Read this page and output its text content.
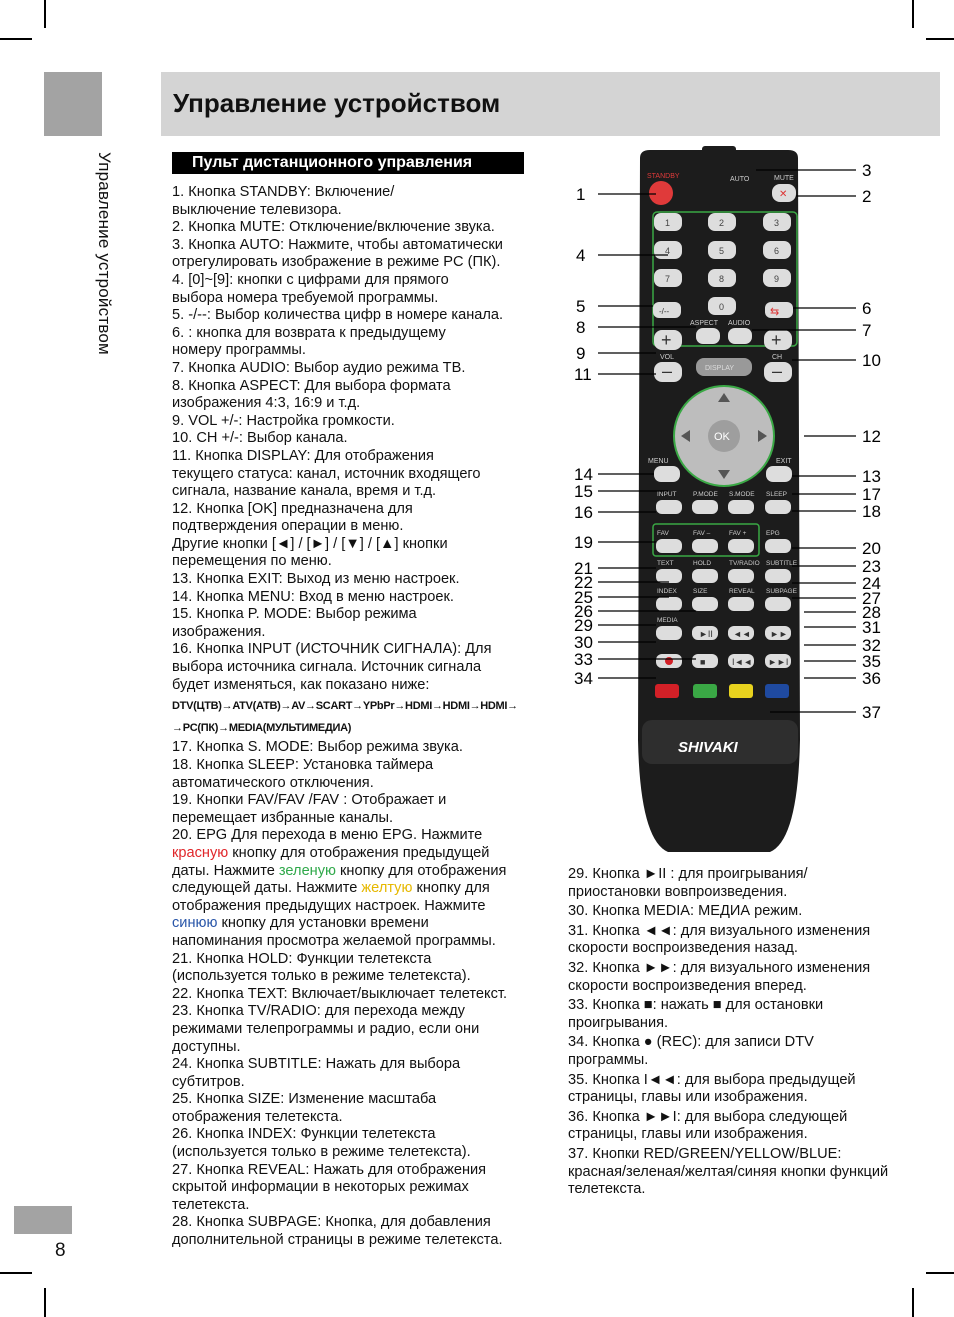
Управление устройством
Управление устройством	Пульт дистанционного управления

1. Кнопка STANDBY: Включение/

выключение телевизора.

2. Кнопка MUTE: Отключение/включение звука.

3. Кнопка AUTO: Нажмите, чтобы автоматически

отрегулировать изображение в режиме PC (ПК).

4. [0]~[9]: кнопки с цифрами для прямого

выбора номера требуемой программы.

5. -/--: Выбор количества цифр в номере канала.

6. : кнопка для возврата к предыдущему

номеру программы.

7. Кнопка AUDIO: Выбор аудио режима ТВ.

8. Кнопка ASPECT: Для выбора формата

изображения 4:3, 16:9 и т.д.

9. VOL +/-: Настройка громкости.

10. CH +/-: Выбор канала.

11. Кнопка DISPLAY: Для отображения

текущего статуса: канал, источник входящего

сигнала, название канала, время и т.д.

12. Кнопка [OK] предназначена для

подтверждения операции в меню.

Другие кнопки [◄] / [►] / [▼] / [▲] кнопки

перемещения по меню.

13. Кнопка EXIT: Выход из меню настроек.

14. Кнопка MENU: Вход в меню настроек.

15. Кнопка P. MODE: Выбор режима

изображения.

16. Кнопка INPUT (ИСТОЧНИК СИГНАЛА): Для

выбора источника сигнала. Источник сигнала

будет изменяться, как показано ниже:

DTV(ЦТВ)→ATV(АТВ)→AV→SCART→YPbPr→HDMI→HDMI→HDMI→

→PC(ПК)→MEDIA(МУЛЬТИМЕДИА)

17. Кнопка S. MODE: Выбор режима звука.

18. Кнопка SLEEP: Установка таймера

автоматического отключения.

19. Кнопки FAV/FAV /FAV : Отображает и

перемещает избранные каналы.

20. EPG Для перехода в меню EPG. Нажмите

красную кнопку для отображения предыдущей

даты. Нажмите зеленую кнопку для отображения

следующей даты. Нажмите желтую кнопку для

отображения предыдущих настроек. Нажмите

синюю кнопку для установки времени

напоминания просмотра желаемой программы.

21. Кнопка HOLD: Функции телетекста

(используется только в режиме телетекста).

22. Кнопка TEXT: Включает/выключает телетекст.

23. Кнопка TV/RADIO: для перехода между

режимами телепрограммы и радио, если они

доступны.

24. Кнопка SUBTITLE: Нажать для выбора

субтитров.

25. Кнопка SIZE: Изменение масштаба

отображения телетекста.

26. Кнопка INDEX: Функции телетекста

(используется только в режиме телетекста).

27. Кнопка REVEAL: Нажать для отображения

скрытой информации в некоторых режимах

телетекста.

28. Кнопка SUBPAGE: Кнопка, для добавления

дополнительной страницы в режиме телетекста.

29. Кнопка ►II : для проигрывания/ приостановки вовпроизведения.

30. Кнопка MEDIA: МЕДИА режим.

31. Кнопка ◄◄: для визуального изменения скорости воспроизведения назад.

32. Кнопка ►►: для визуального изменения скорости воспроизведения вперед.

33. Кнопка ■: нажать ■ для остановки проигрывания.

34. Кнопка ● (REC): для записи DTV программы.

35. Кнопка I◄◄: для выбора предыдущей страницы, главы или изображения.

36. Кнопка ►►I: для выбора следующей страницы, главы или изображения.

37. Кнопки RED/GREEN/YELLOW/BLUE: красная/зеленая/желтая/синяя кнопки функций телетекста.

8
STANDBY	AUTO	MUTE
✕
1	2	3
4	5	6
7	8	9
0
-/--	⇆
ASPECT AUDIO
+
VOL
–
+
CH
–
DISPLAY
OK
MENU	EXIT
INPUT	P.MODE S.MODE SLEEP
FAV	FAV –	FAV +	EPG
TEXT	HOLD	TV/RADIO SUBTITLE
INDEX SIZE	REVEAL SUBPAGE
MEDIA
►II ◄◄ ►►
■	I◄◄ ►►I
SHIVAKI
1
4
5
8
9
11
14
15
16
19
21
22
25
26
29
30
33
34
3
2
6
7
10
12
13
17
18
20
23
24
27
28
31
32
35
36
37
